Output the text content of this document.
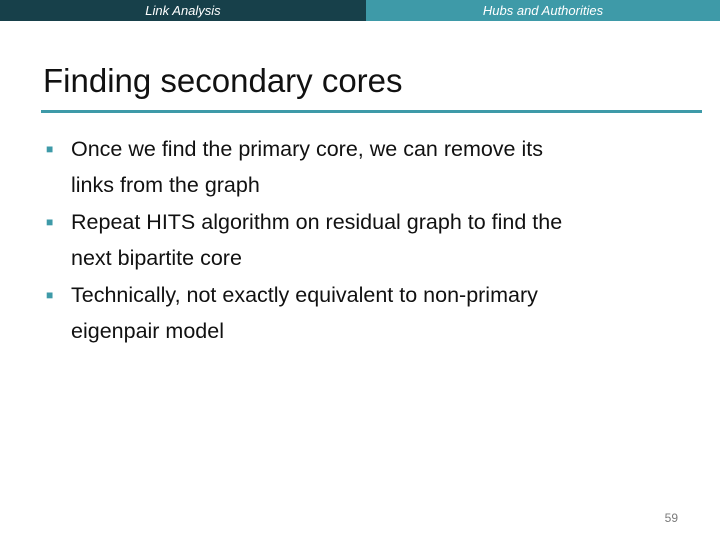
Link Analysis	Hubs and Authorities
Finding secondary cores
■ Once we find the primary core, we can remove its
links from the graph
■ Repeat HITS algorithm on residual graph to find the
next bipartite core
■ Technically, not exactly equivalent to non-primary
eigenpair model
59
